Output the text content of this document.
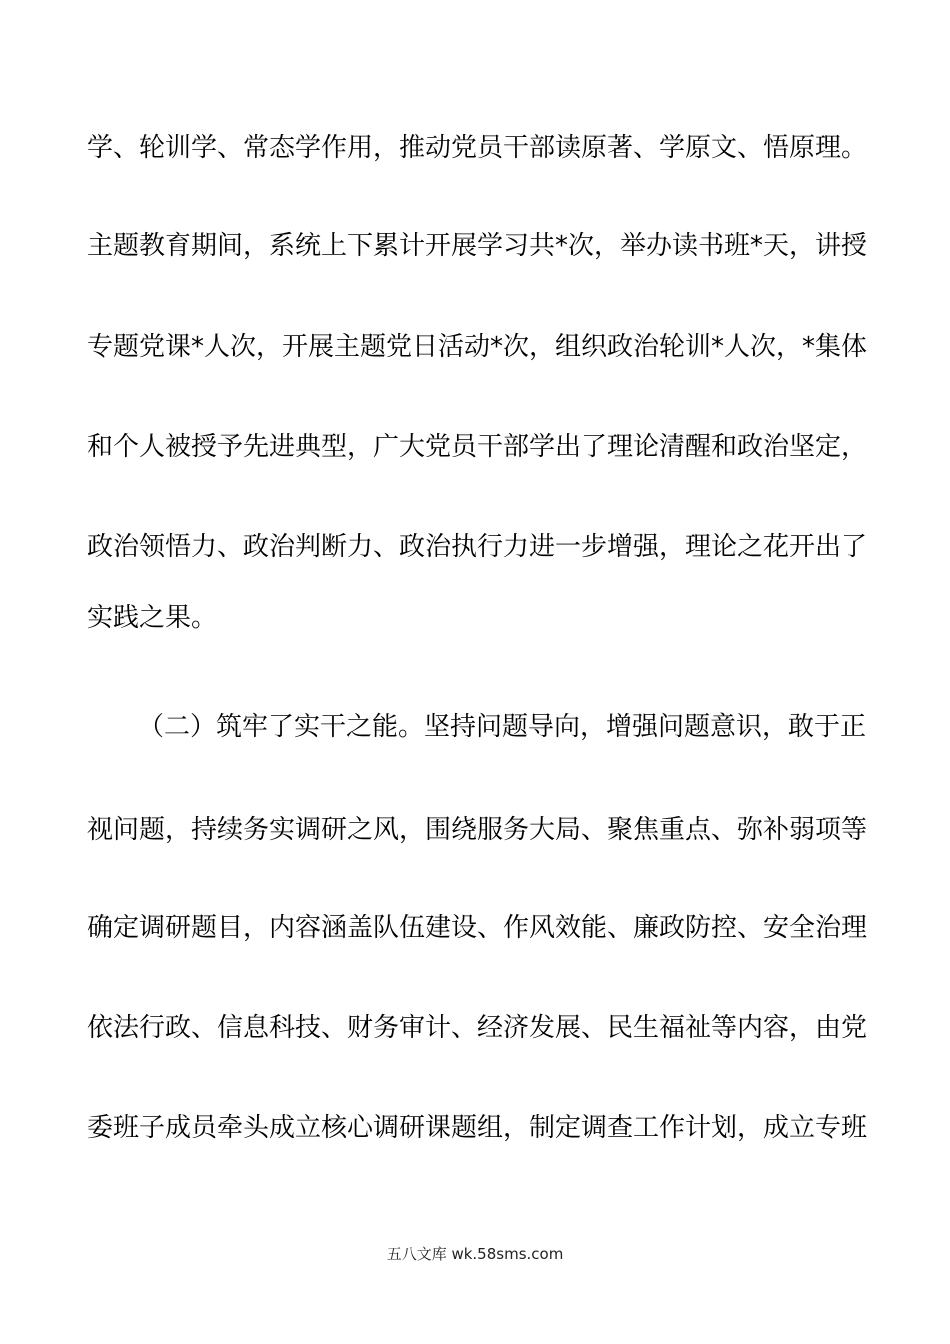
学、轮训学、常态学作用，推动党员干部读原著、学原文、悟原理。
主题教育期间，系统上下累计开展学习共*次，举办读书班*天，讲授
专题党课*人次，开展主题党日活动*次，组织政治轮训*人次，*集体
和个人被授予先进典型，广大党员干部学出了理论清醒和政治坚定，
政治领悟力、政治判断力、政治执行力进一步增强，理论之花开出了
实践之果。
（二）筑牢了实干之能。坚持问题导向，增强问题意识，敢于正
视问题，持续务实调研之风，围绕服务大局、聚焦重点、弥补弱项等
确定调研题目，内容涵盖队伍建设、作风效能、廉政防控、安全治理
依法行政、信息科技、财务审计、经济发展、民生福祉等内容，由党
委班子成员牵头成立核心调研课题组，制定调查工作计划，成立专班
五八文库 wk.58sms.com
